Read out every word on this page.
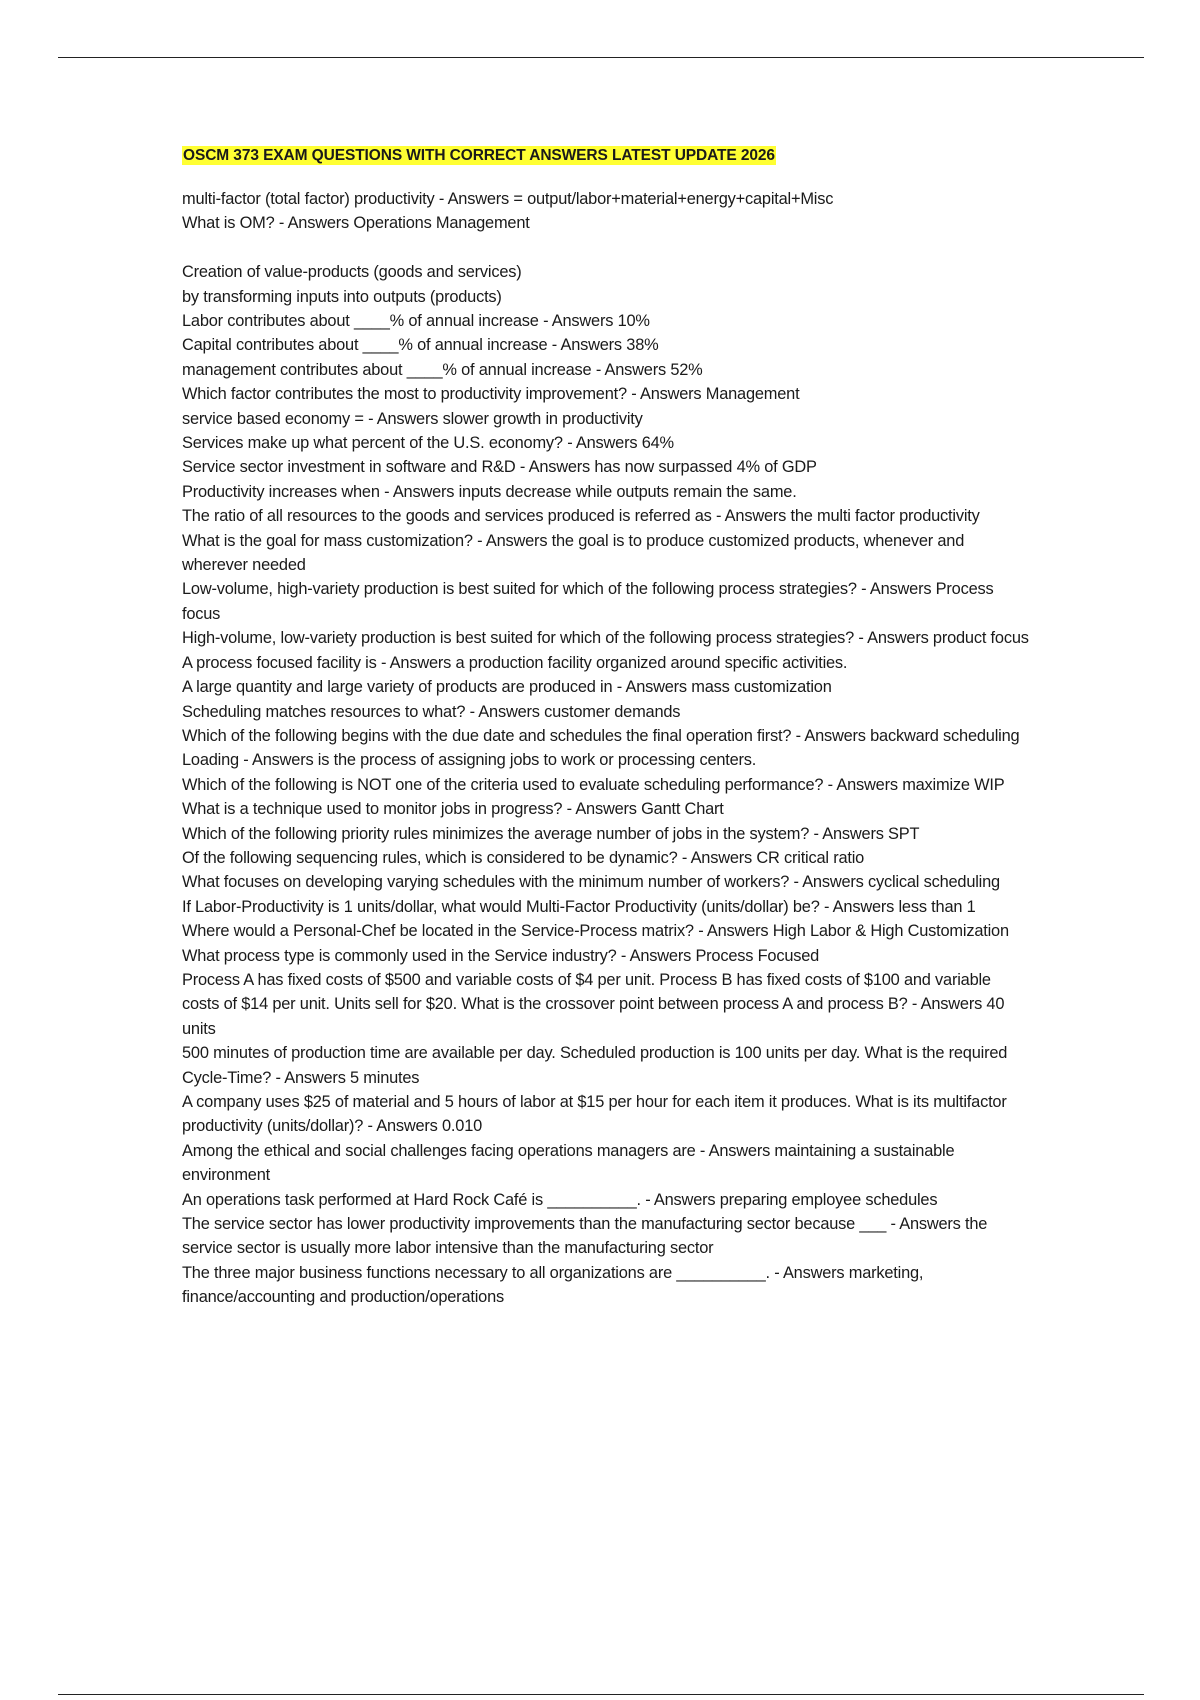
OSCM 373 EXAM QUESTIONS WITH CORRECT ANSWERS LATEST UPDATE 2026

multi-factor (total factor) productivity - Answers = output/labor+material+energy+capital+Misc

What is OM? - Answers Operations Management

Creation of value-products (goods and services)

by transforming inputs into outputs (products)

Labor contributes about ____% of annual increase - Answers 10%

Capital contributes about ____% of annual increase - Answers 38%

management contributes about ____% of annual increase - Answers 52%

Which factor contributes the most to productivity improvement? - Answers Management

service based economy = - Answers slower growth in productivity

Services make up what percent of the U.S. economy? - Answers 64%

Service sector investment in software and R&D - Answers has now surpassed 4% of GDP

Productivity increases when - Answers inputs decrease while outputs remain the same.

The ratio of all resources to the goods and services produced is referred as - Answers the multi factor productivity

What is the goal for mass customization? - Answers the goal is to produce customized products, whenever and wherever needed

Low-volume, high-variety production is best suited for which of the following process strategies? - Answers Process focus

High-volume, low-variety production is best suited for which of the following process strategies? - Answers product focus

A process focused facility is - Answers a production facility organized around specific activities.

A large quantity and large variety of products are produced in - Answers mass customization

Scheduling matches resources to what? - Answers customer demands

Which of the following begins with the due date and schedules the final operation first? - Answers backward scheduling

Loading - Answers is the process of assigning jobs to work or processing centers.

Which of the following is NOT one of the criteria used to evaluate scheduling performance? - Answers maximize WIP

What is a technique used to monitor jobs in progress? - Answers Gantt Chart

Which of the following priority rules minimizes the average number of jobs in the system? - Answers SPT

Of the following sequencing rules, which is considered to be dynamic? - Answers CR critical ratio

What focuses on developing varying schedules with the minimum number of workers? - Answers cyclical scheduling

If Labor-Productivity is 1 units/dollar, what would Multi-Factor Productivity (units/dollar) be? - Answers less than 1

Where would a Personal-Chef be located in the Service-Process matrix? - Answers High Labor & High Customization

What process type is commonly used in the Service industry? - Answers Process Focused

Process A has fixed costs of $500 and variable costs of $4 per unit. Process B has fixed costs of $100 and variable costs of $14 per unit. Units sell for $20. What is the crossover point between process A and process B? - Answers 40 units

500 minutes of production time are available per day. Scheduled production is 100 units per day. What is the required Cycle-Time? - Answers 5 minutes

A company uses $25 of material and 5 hours of labor at $15 per hour for each item it produces. What is its multifactor productivity (units/dollar)? - Answers 0.010

Among the ethical and social challenges facing operations managers are - Answers maintaining a sustainable environment

An operations task performed at Hard Rock Café is __________. - Answers preparing employee schedules

The service sector has lower productivity improvements than the manufacturing sector because ___ - Answers the service sector is usually more labor intensive than the manufacturing sector

The three major business functions necessary to all organizations are __________. - Answers marketing, finance/accounting and production/operations
